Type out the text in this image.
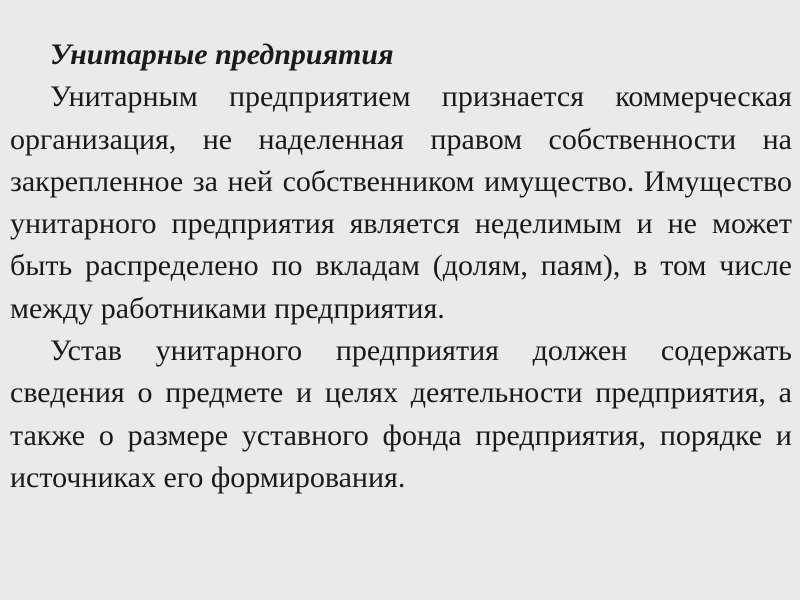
Унитарные предприятия

Унитарным предприятием признается коммерческая организация, не наделенная правом собственности на закрепленное за ней собственником имущество. Имущество унитарного предприятия является неделимым и не может быть распределено по вкладам (долям, паям), в том числе между работниками предприятия.

Устав унитарного предприятия должен содержать сведения о предмете и целях деятельности предприятия, а также о размере уставного фонда предприятия, порядке и источниках его формирования.
